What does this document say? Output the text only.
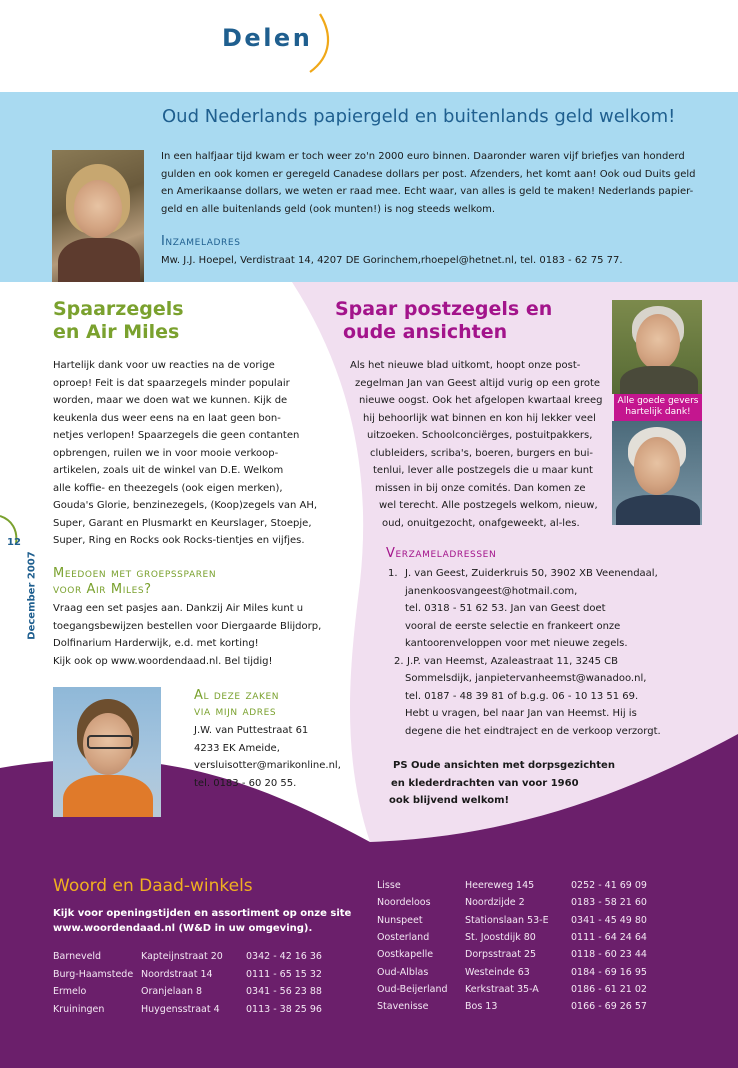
Delen
Oud Nederlands papiergeld en buitenlands geld welkom!
In een halfjaar tijd kwam er toch weer zo'n 2000 euro binnen. Daaronder waren vijf briefjes van honderd
gulden en ook komen er geregeld Canadese dollars per post. Afzenders, het komt aan! Ook oud Duits geld
en Amerikaanse dollars, we weten er raad mee. Echt waar, van alles is geld te maken! Nederlands papier-
geld en alle buitenlands geld (ook munten!) is nog steeds welkom.
Inzameladres
Mw. J.J. Hoepel, Verdistraat 14, 4207 DE Gorinchem,rhoepel@hetnet.nl, tel. 0183 - 62 75 77.
12
December 2007
Spaarzegels
en Air Miles
Hartelijk dank voor uw reacties na de vorige
oproep! Feit is dat spaarzegels minder populair
worden, maar we doen wat we kunnen. Kijk de
keukenla dus weer eens na en laat geen bon-
netjes verlopen! Spaarzegels die geen contanten
opbrengen, ruilen we in voor mooie verkoop-
artikelen, zoals uit de winkel van D.E. Welkom
alle koffie- en theezegels (ook eigen merken),
Gouda's Glorie, benzinezegels, (Koop)zegels van AH,
Super, Garant en Plusmarkt en Keurslager, Stoepje,
Super, Ring en Rocks ook Rocks-tientjes en vijfjes.
Meedoen met groepssparen
voor Air Miles?
Vraag een set pasjes aan. Dankzij Air Miles kunt u
toegangsbewijzen bestellen voor Diergaarde Blijdorp,
Dolfinarium Harderwijk, e.d. met korting!
Kijk ook op www.woordendaad.nl. Bel tijdig!
Al deze zaken
via mijn adres
J.W. van Puttestraat 61
4233 EK Ameide,
versluisotter@marikonline.nl,
tel. 0183 - 60 20 55.
Spaar postzegels en
oude ansichten
Als het nieuwe blad uitkomt, hoopt onze post-
zegelman Jan van Geest altijd vurig op een grote
nieuwe oogst. Ook het afgelopen kwartaal kreeg
hij behoorlijk wat binnen en kon hij lekker veel
uitzoeken. Schoolconciërges, postuitpakkers,
clubleiders, scriba's, boeren, burgers en bui-
tenlui, lever alle postzegels die u maar kunt
missen in bij onze comités. Dan komen ze
wel terecht. Alle postzegels welkom, nieuw,
oud, onuitgezocht, onafgeweekt, al-les.
Alle goede gevers
hartelijk dank!
Verzameladressen
1. J. van Geest, Zuiderkruis 50, 3902 XB Veenendaal,
janenkoosvangeest@hotmail.com,
tel. 0318 - 51 62 53. Jan van Geest doet
vooral de eerste selectie en frankeert onze
kantoorenveloppen voor met nieuwe zegels.
2. J.P. van Heemst, Azaleastraat 11, 3245 CB
Sommelsdijk, janpietervanheemst@wanadoo.nl,
tel. 0187 - 48 39 81 of b.g.g. 06 - 10 13 51 69.
Hebt u vragen, bel naar Jan van Heemst. Hij is
degene die het eindtraject en de verkoop verzorgt.
PS Oude ansichten met dorpsgezichten
en klederdrachten van voor 1960
ook blijvend welkom!
Woord en Daad-winkels
Kijk voor openingstijden en assortiment op onze site
www.woordendaad.nl (W&D in uw omgeving).
Barneveld	Kapteijnstraat 20 0342 - 42 16 36
Burg-Haamstede Noordstraat 14	0111 - 65 15 32
Ermelo	Oranjelaan 8	0341 - 56 23 88
Kruiningen	Huygensstraat 4	0113 - 38 25 96
Lisse	Heereweg 145	0252 - 41 69 09
Noordeloos	Noordzijde 2	0183 - 58 21 60
Nunspeet	Stationslaan 53-E 0341 - 45 49 80
Oosterland	St. Joostdijk 80	0111 - 64 24 64
Oostkapelle	Dorpsstraat 25	0118 - 60 23 44
Oud-Alblas	Westeinde 63	0184 - 69 16 95
Oud-Beijerland Kerkstraat 35-A	0186 - 61 21 02
Stavenisse	Bos 13	0166 - 69 26 57
